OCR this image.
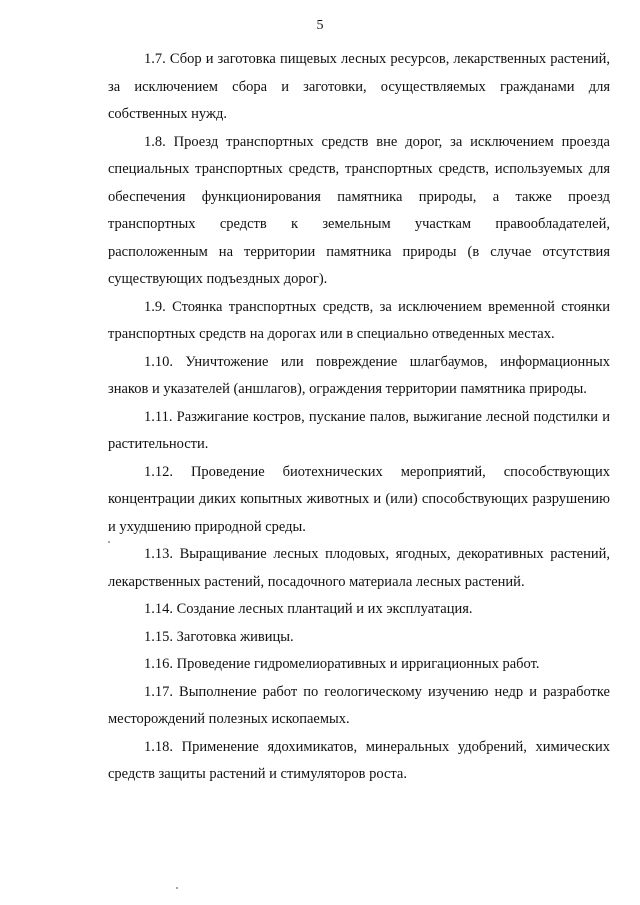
5

1.7. Сбор и заготовка пищевых лесных ресурсов, лекарственных растений, за исключением сбора и заготовки, осуществляемых гражданами для собственных нужд.

1.8. Проезд транспортных средств вне дорог, за исключением проезда специальных транспортных средств, транспортных средств, используемых для обеспечения функционирования памятника природы, а также проезд транспортных средств к земельным участкам правообладателей, расположенным на территории памятника природы (в случае отсутствия существующих подъездных дорог).

1.9. Стоянка транспортных средств, за исключением временной стоянки транспортных средств на дорогах или в специально отведенных местах.

1.10. Уничтожение или повреждение шлагбаумов, информационных знаков и указателей (аншлагов), ограждения территории памятника природы.

1.11. Разжигание костров, пускание палов, выжигание лесной подстилки и растительности.

1.12. Проведение биотехнических мероприятий, способствующих концентрации диких копытных животных и (или) способствующих разрушению и ухудшению природной среды.

1.13. Выращивание лесных плодовых, ягодных, декоративных растений, лекарственных растений, посадочного материала лесных растений.

1.14. Создание лесных плантаций и их эксплуатация.

1.15. Заготовка живицы.

1.16. Проведение гидромелиоративных и ирригационных работ.

1.17. Выполнение работ по геологическому изучению недр и разработке месторождений полезных ископаемых.

1.18. Применение ядохимикатов, минеральных удобрений, химических средств защиты растений и стимуляторов роста.
